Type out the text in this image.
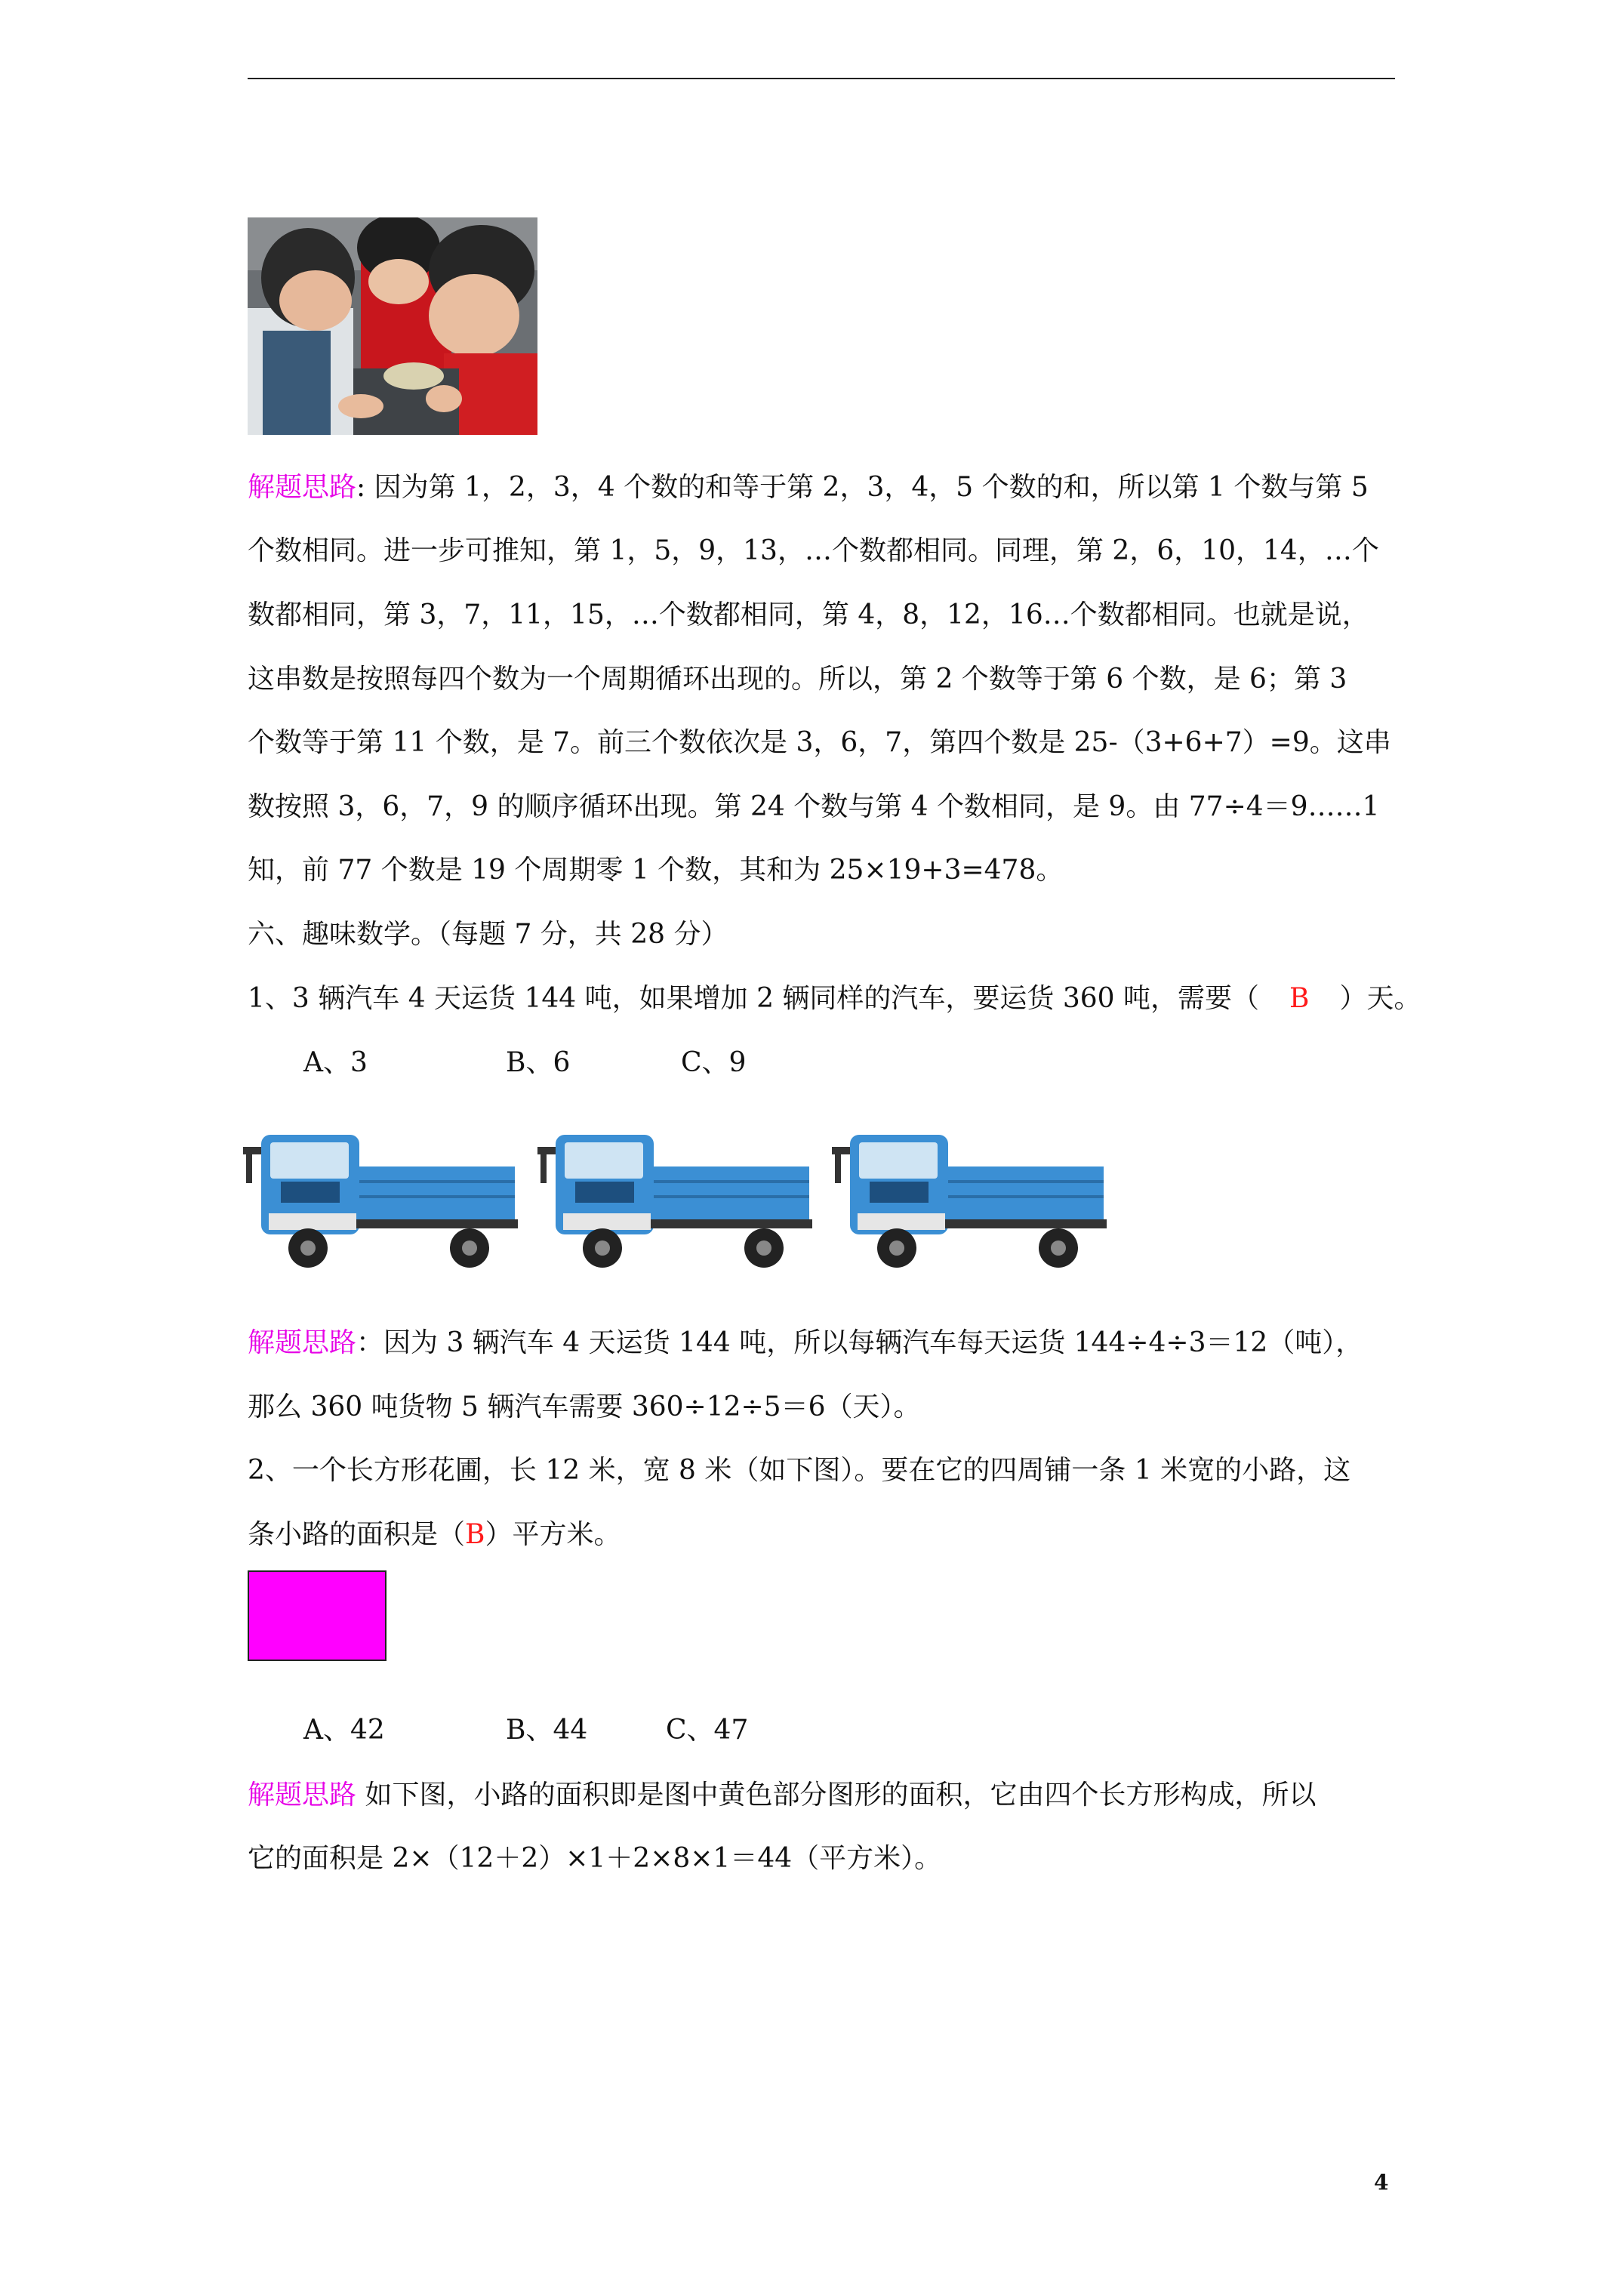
解题思路: 因为第 1，2，3，4 个数的和等于第 2，3，4，5 个数的和，所以第 1 个数与第 5
个数相同。进一步可推知，第 1，5，9，13，…个数都相同。同理，第 2，6，10，14，…个
数都相同，第 3，7，11，15，…个数都相同，第 4，8，12，16…个数都相同。也就是说，
这串数是按照每四个数为一个周期循环出现的。所以，第 2 个数等于第 6 个数，是 6；第 3
个数等于第 11 个数，是 7。前三个数依次是 3，6，7，第四个数是 25-（3+6+7）=9。这串
数按照 3，6，7，9 的顺序循环出现。第 24 个数与第 4 个数相同，是 9。由 77÷4＝9……1
知，前 77 个数是 19 个周期零 1 个数，其和为 25×19+3=478。
六、趣味数学。（每题 7 分，共 28 分）
1、3 辆汽车 4 天运货 144 吨，如果增加 2 辆同样的汽车，要运货 360 吨，需要（ B ）天。
A、3	B、6	C、9
解题思路：因为 3 辆汽车 4 天运货 144 吨，所以每辆汽车每天运货 144÷4÷3＝12（吨），
那么 360 吨货物 5 辆汽车需要 360÷12÷5＝6（天）。
2、一个长方形花圃，长 12 米，宽 8 米（如下图）。要在它的四周铺一条 1 米宽的小路，这
条小路的面积是（B）平方米。
A、42	B、44	C、47
解题思路 如下图，小路的面积即是图中黄色部分图形的面积，它由四个长方形构成，所以
它的面积是 2×（12＋2）×1＋2×8×1＝44（平方米）。
4
